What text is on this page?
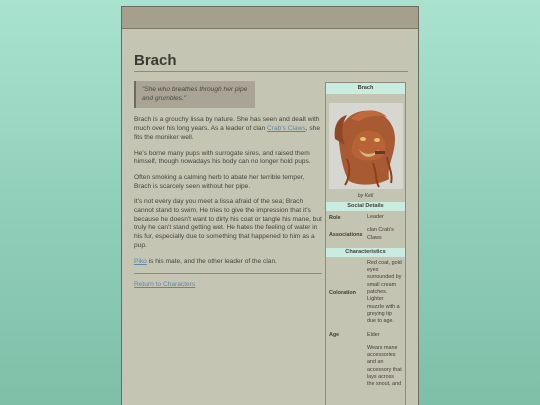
Brach
"She who breathes through her pipe and grumbles."

Brach is a grouchy lissa by nature. She has seen and dealt with much over his long years. As a leader of clan Crab's Claws, she fits the moniker well.

He's borne many pups with surrogate sires, and raised them himself, though nowadays his body can no longer hold pups.

Often smoking a calming herb to abate her terrible temper, Brach is scarcely seen without her pipe.

It's not every day you meet a lissa afraid of the sea; Brach cannot stand to swim. He tries to give the impression that it's because he doesn't want to dirty his coat or tangle his mane, but truly he can't stand getting wet. He hates the feeling of water in his fur, especially due to something that happened to him as a pup.

Piko is his mate, and the other leader of the clan.

Return to Characters
Brach
by Keli
Social Details
Role	Leader
Associations
clan Crab's Claws
Characteristics
Coloration
Red coat, gold eyes surrounded by small cream patches. Lighter muzzle with a greying tip due to age.
Age	Elder
Wears mane accessories and an accessory that lays across the snout, and
